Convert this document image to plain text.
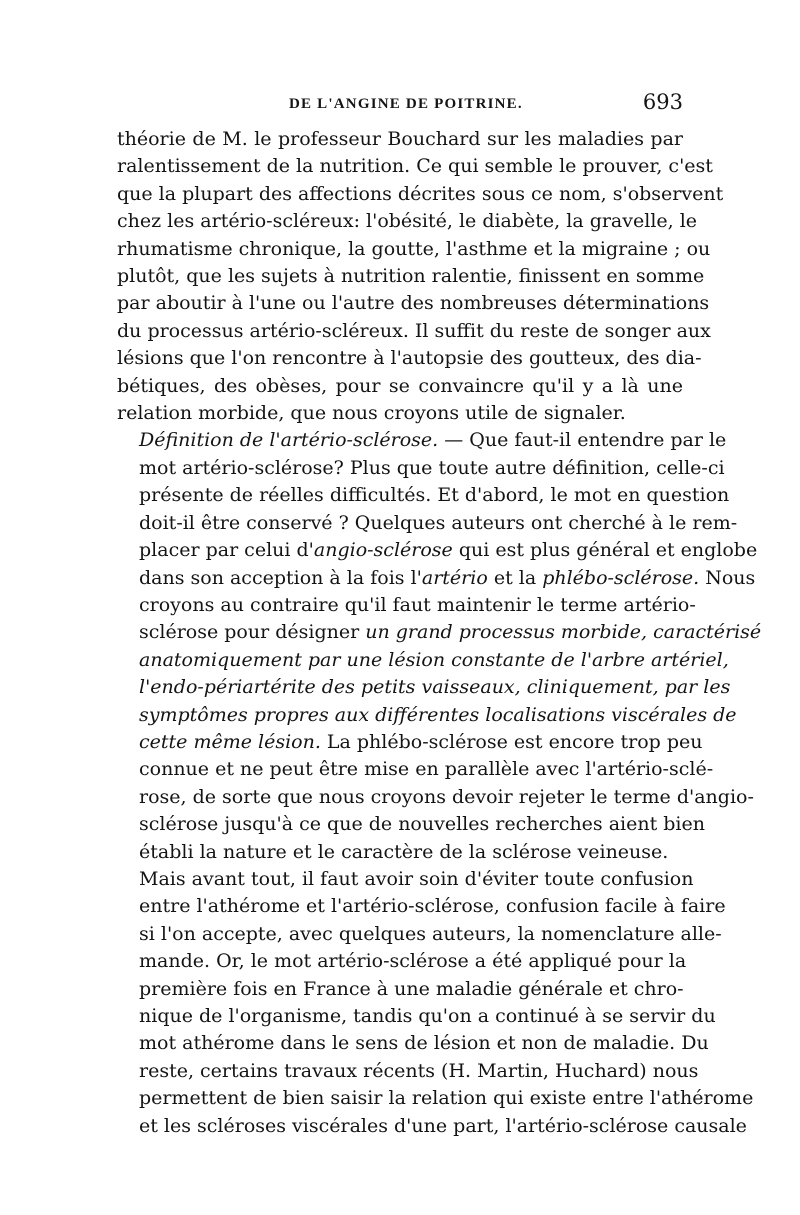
DE L'ANGINE DE POITRINE.	693

théorie de M. le professeur Bouchard sur les maladies par
ralentissement de la nutrition. Ce qui semble le prouver, c'est
que la plupart des affections décrites sous ce nom, s'observent
chez les artério-scléreux: l'obésité, le diabète, la gravelle, le
rhumatisme chronique, la goutte, l'asthme et la migraine ; ou
plutôt, que les sujets à nutrition ralentie, finissent en somme
par aboutir à l'une ou l'autre des nombreuses déterminations
du processus artério-scléreux. Il suffit du reste de songer aux
lésions que l'on rencontre à l'autopsie des goutteux, des dia-
bétiques, des obèses, pour se convaincre qu'il y a là une
relation morbide, que nous croyons utile de signaler.

Définition de l'artério-sclérose. — Que faut-il entendre par le
mot artério-sclérose? Plus que toute autre définition, celle-ci
présente de réelles difficultés. Et d'abord, le mot en question
doit-il être conservé ? Quelques auteurs ont cherché à le rem-
placer par celui d'angio-sclérose qui est plus général et englobe
dans son acception à la fois l'artério et la phlébo-sclérose. Nous
croyons au contraire qu'il faut maintenir le terme artério-
sclérose pour désigner un grand processus morbide, caractérisé
anatomiquement par une lésion constante de l'arbre artériel,
l'endo-périartérite des petits vaisseaux, cliniquement, par les
symptômes propres aux différentes localisations viscérales de
cette même lésion. La phlébo-sclérose est encore trop peu
connue et ne peut être mise en parallèle avec l'artério-sclé-
rose, de sorte que nous croyons devoir rejeter le terme d'angio-
sclérose jusqu'à ce que de nouvelles recherches aient bien
établi la nature et le caractère de la sclérose veineuse.

Mais avant tout, il faut avoir soin d'éviter toute confusion
entre l'athérome et l'artério-sclérose, confusion facile à faire
si l'on accepte, avec quelques auteurs, la nomenclature alle-
mande. Or, le mot artério-sclérose a été appliqué pour la
première fois en France à une maladie générale et chro-
nique de l'organisme, tandis qu'on a continué à se servir du
mot athérome dans le sens de lésion et non de maladie. Du
reste, certains travaux récents (H. Martin, Huchard) nous
permettent de bien saisir la relation qui existe entre l'athérome
et les scléroses viscérales d'une part, l'artério-sclérose causale
